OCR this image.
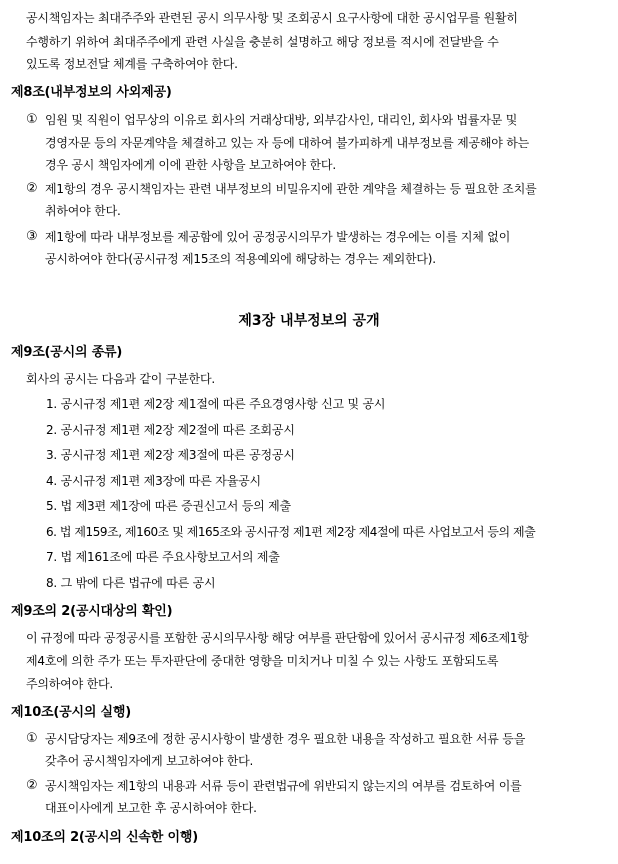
공시책임자는 최대주주와 관련된 공시 의무사항 및 조회공시 요구사항에 대한 공시업무를 원활히
수행하기 위하여 최대주주에게 관련 사실을 충분히 설명하고 해당 정보를 적시에 전달받을 수
있도록 정보전달 체계를 구축하여야 한다.
제8조(내부정보의 사외제공)
① 임원 및 직원이 업무상의 이유로 회사의 거래상대방, 외부감사인, 대리인, 회사와 법률자문 및
경영자문 등의 자문계약을 체결하고 있는 자 등에 대하여 불가피하게 내부정보를 제공해야 하는
경우 공시 책임자에게 이에 관한 사항을 보고하여야 한다.
② 제1항의 경우 공시책임자는 관련 내부정보의 비밀유지에 관한 계약을 체결하는 등 필요한 조치를
취하여야 한다.
③ 제1항에 따라 내부정보를 제공함에 있어 공정공시의무가 발생하는 경우에는 이를 지체 없이
공시하여야 한다(공시규정 제15조의 적용예외에 해당하는 경우는 제외한다).
제3장 내부정보의 공개
제9조(공시의 종류)
회사의 공시는 다음과 같이 구분한다.
1. 공시규정 제1편 제2장 제1절에 따른 주요경영사항 신고 및 공시
2. 공시규정 제1편 제2장 제2절에 따른 조회공시
3. 공시규정 제1편 제2장 제3절에 따른 공정공시
4. 공시규정 제1편 제3장에 따른 자율공시
5. 법 제3편 제1장에 따른 증권신고서 등의 제출
6. 법 제159조, 제160조 및 제165조와 공시규정 제1편 제2장 제4절에 따른 사업보고서 등의 제출
7. 법 제161조에 따른 주요사항보고서의 제출
8. 그 밖에 다른 법규에 따른 공시
제9조의 2(공시대상의 확인)
이 규정에 따라 공정공시를 포함한 공시의무사항 해당 여부를 판단함에 있어서 공시규정 제6조제1항
제4호에 의한 주가 또는 투자판단에 중대한 영향을 미치거나 미칠 수 있는 사항도 포함되도록
주의하여야 한다.
제10조(공시의 실행)
① 공시담당자는 제9조에 정한 공시사항이 발생한 경우 필요한 내용을 작성하고 필요한 서류 등을
갖추어 공시책임자에게 보고하여야 한다.
② 공시책임자는 제1항의 내용과 서류 등이 관련법규에 위반되지 않는지의 여부를 검토하여 이를
대표이사에게 보고한 후 공시하여야 한다.
제10조의 2(공시의 신속한 이행)
